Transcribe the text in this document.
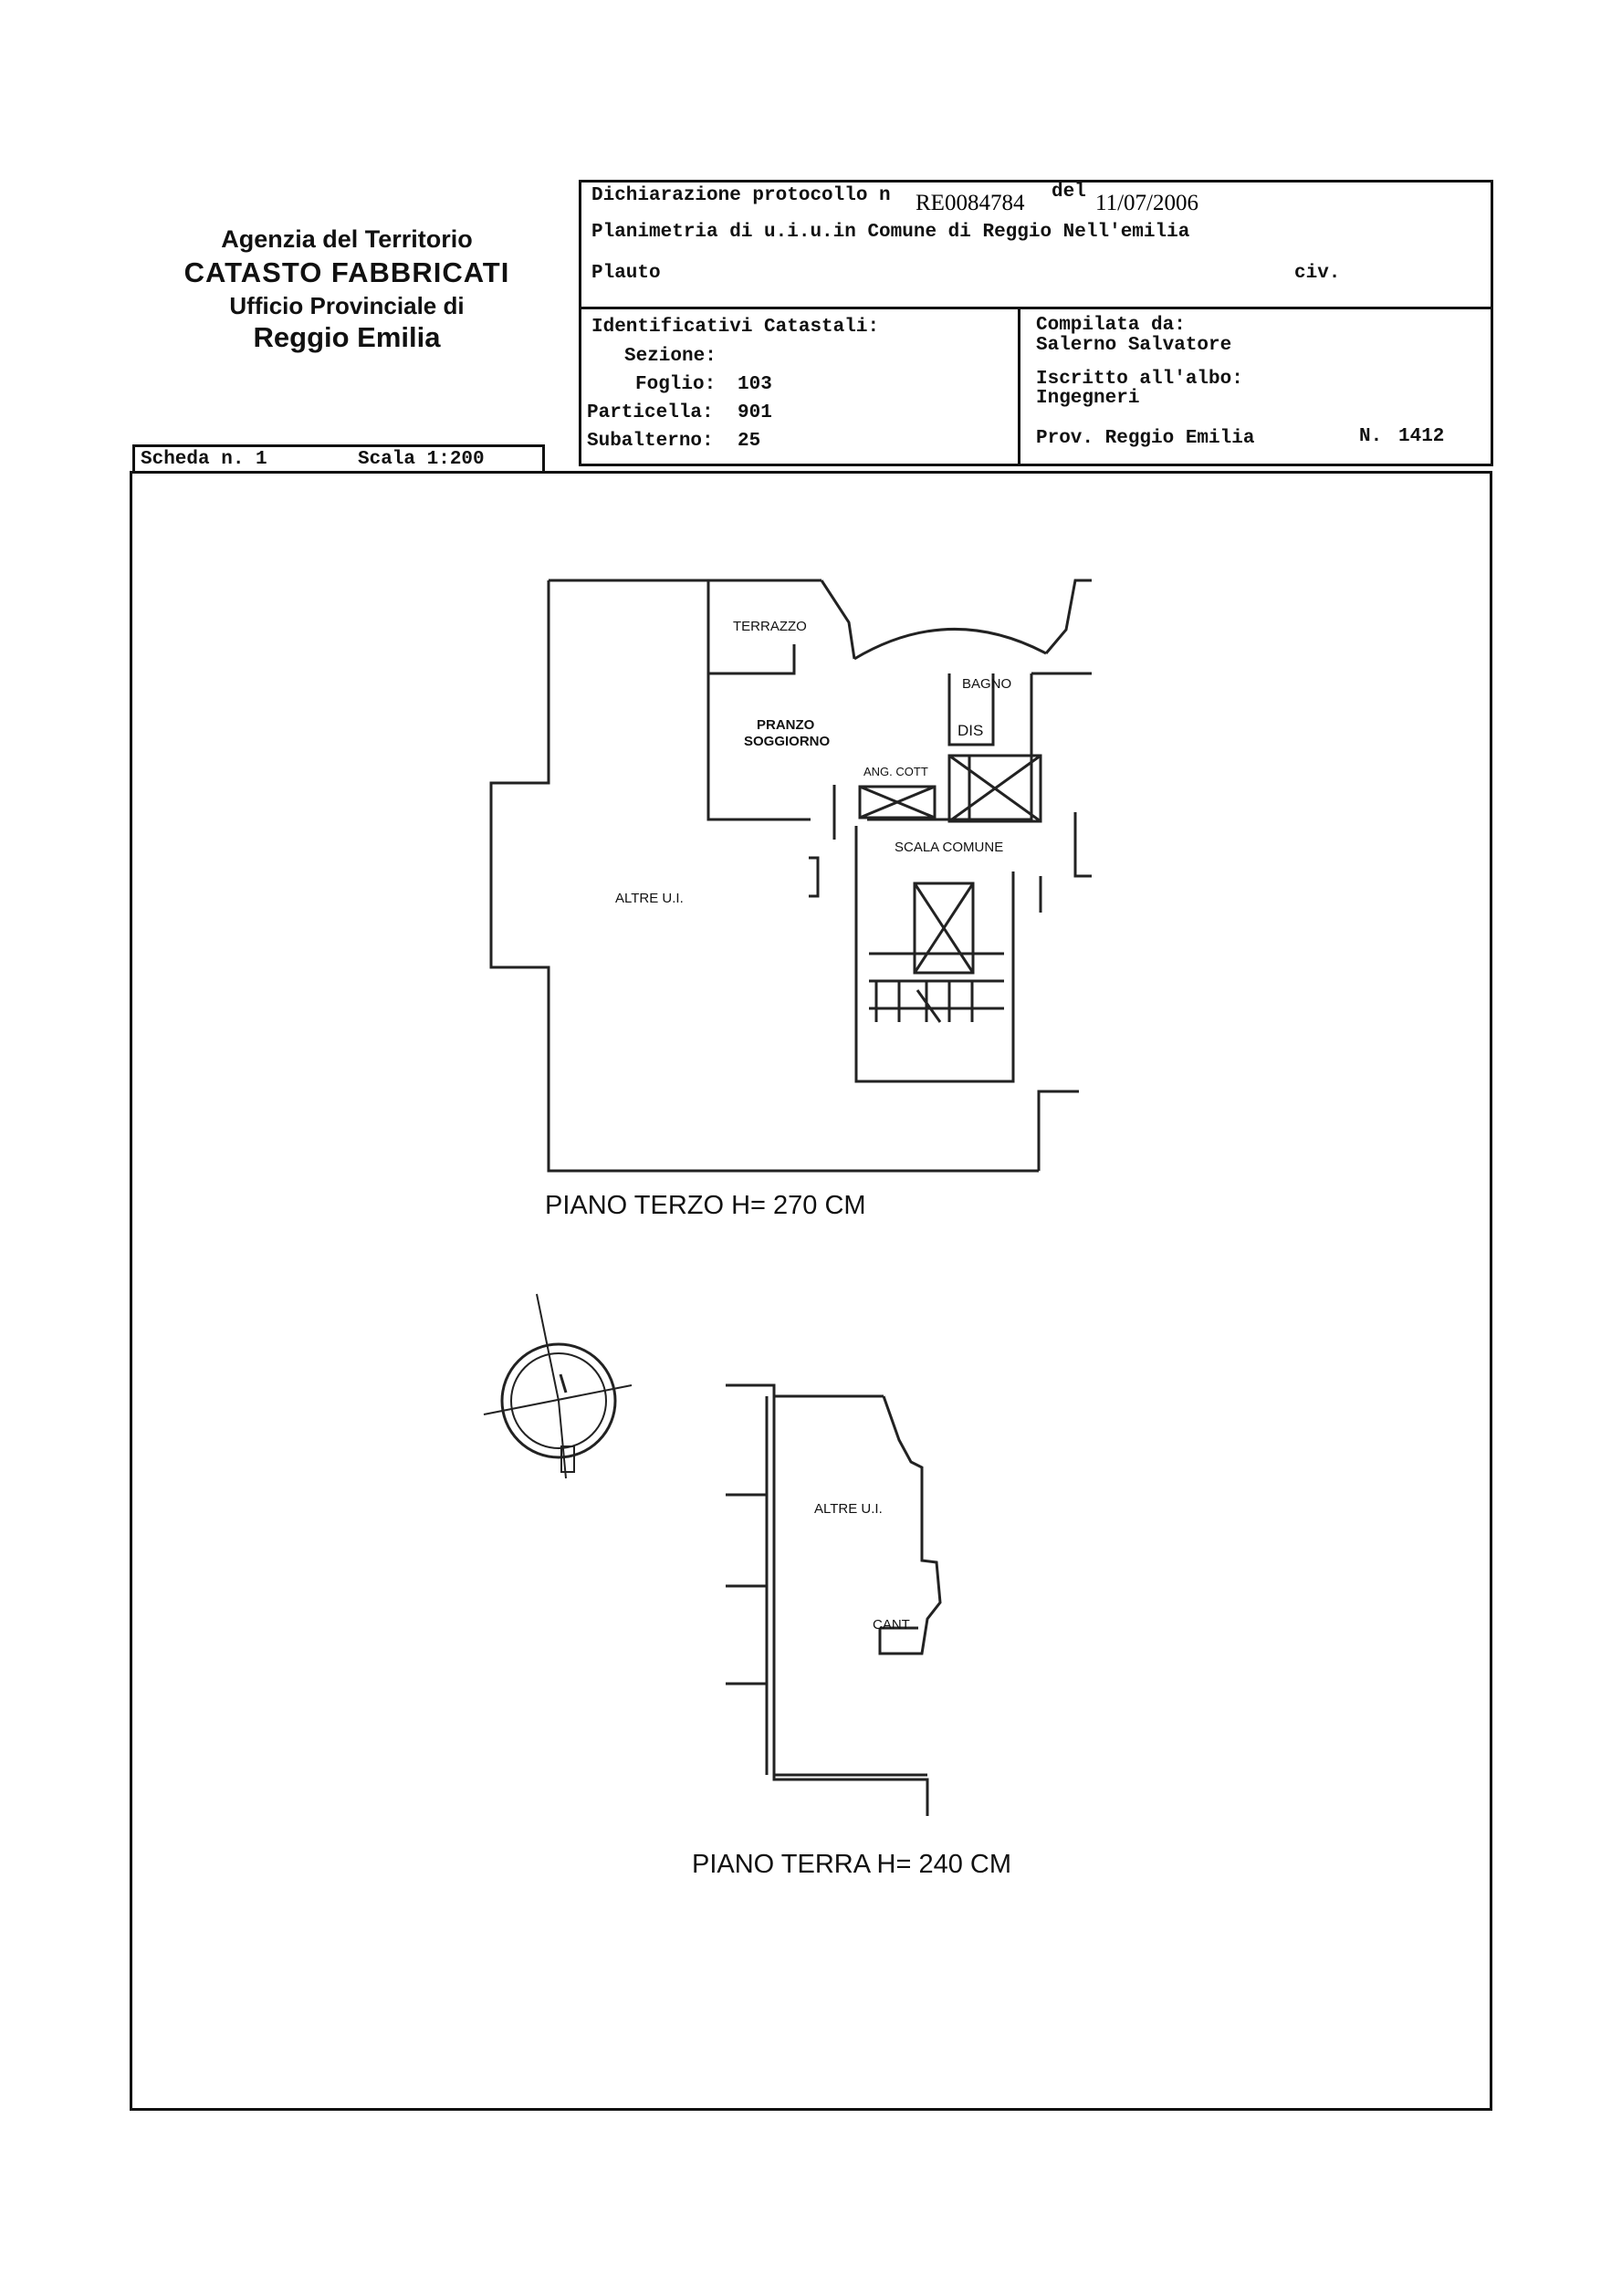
Agenzia del Territorio
CATASTO FABBRICATI
Ufficio Provinciale di
Reggio Emilia
Dichiarazione protocollo n RE0084784 del 11/07/2006
Planimetria di u.i.u.in Comune di Reggio Nell'emilia
Plauto	civ.
Identificativi Catastali:
Sezione:
Foglio: 103
Particella: 901
Subalterno: 25
Compilata da:
Salerno Salvatore
Iscritto all'albo:
Ingegneri
Prov. Reggio Emilia	N. 1412
Scheda n. 1	Scala 1:200
TERRAZZO
BAGNO
PRANZO
SOGGIORNO
DIS
ANG. COTT
SCALA COMUNE
ALTRE U.I.
PIANO TERZO H= 270 CM
ALTRE U.I.
CANT
PIANO TERRA H= 240 CM
